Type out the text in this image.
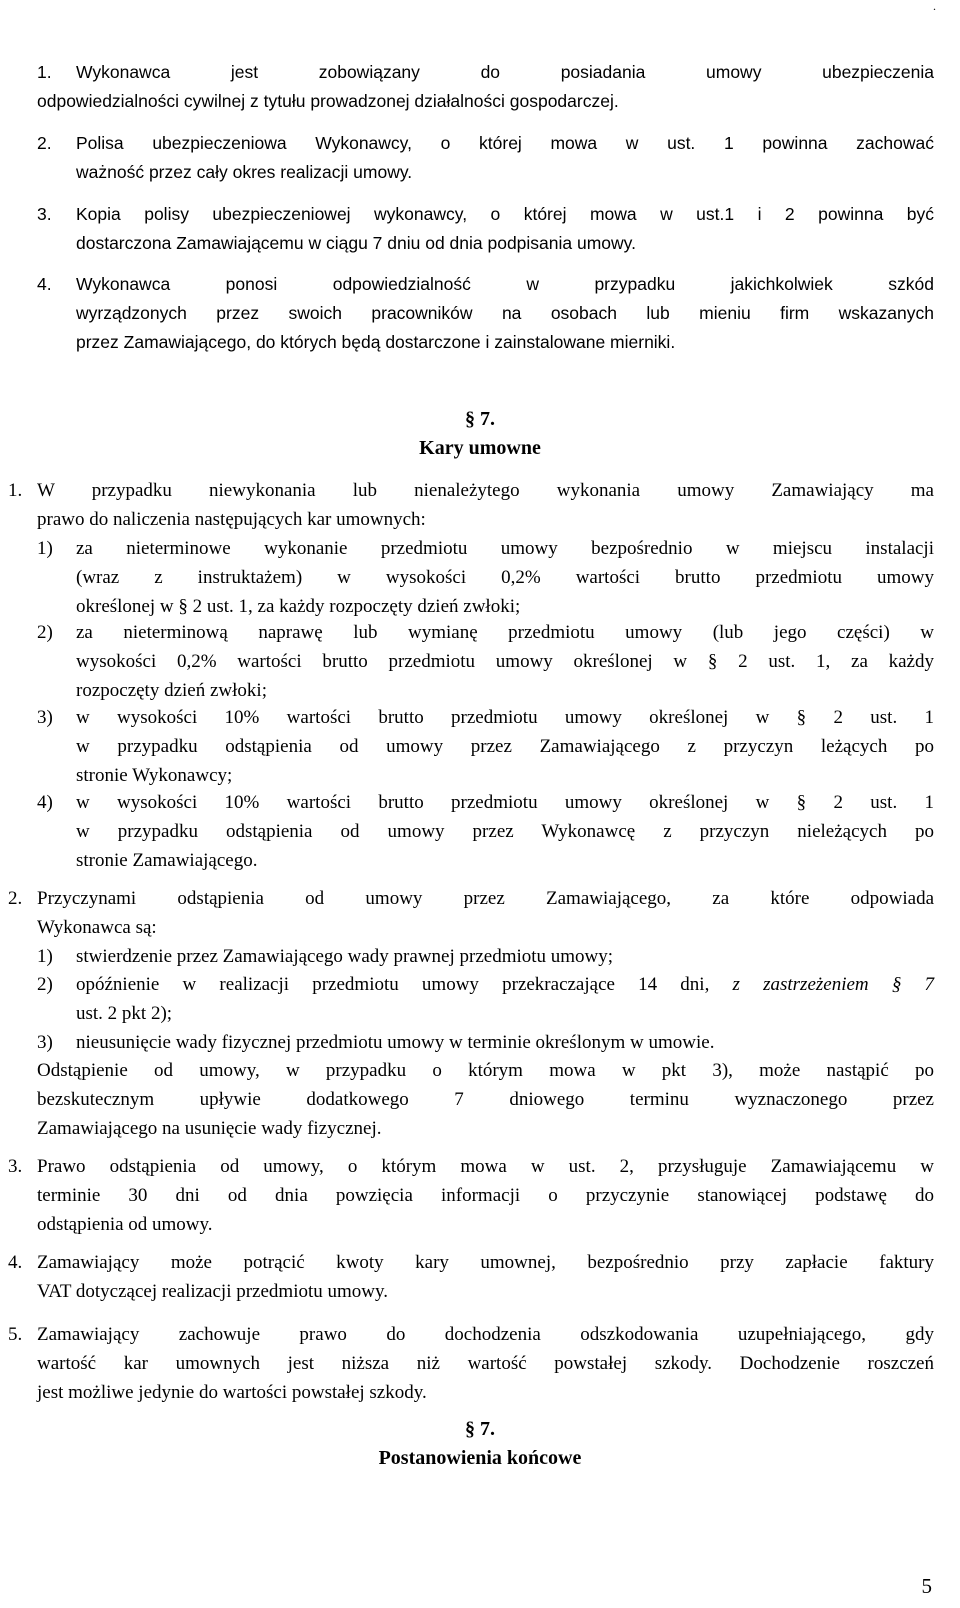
.
1. Wykonawca jest zobowiązany do posiadania umowy ubezpieczenia
odpowiedzialności cywilnej z tytułu prowadzonej działalności gospodarczej.
2. Polisa ubezpieczeniowa Wykonawcy, o której mowa w ust. 1 powinna zachować
ważność przez cały okres realizacji umowy.
3. Kopia polisy ubezpieczeniowej wykonawcy, o której mowa w ust.1 i 2 powinna być
dostarczona Zamawiającemu w ciągu 7 dniu od dnia podpisania umowy.
4. Wykonawca ponosi odpowiedzialność w przypadku jakichkolwiek szkód
wyrządzonych przez swoich pracowników na osobach lub mieniu firm wskazanych
przez Zamawiającego, do których będą dostarczone i zainstalowane mierniki.
§ 7.
Kary umowne
1. W przypadku niewykonania lub nienależytego wykonania umowy Zamawiający ma
prawo do naliczenia następujących kar umownych:
1) za nieterminowe wykonanie przedmiotu umowy bezpośrednio w miejscu instalacji
(wraz z instruktażem) w wysokości 0,2% wartości brutto przedmiotu umowy
określonej w § 2 ust. 1, za każdy rozpoczęty dzień zwłoki;
2) za nieterminową naprawę lub wymianę przedmiotu umowy (lub jego części) w
wysokości 0,2% wartości brutto przedmiotu umowy określonej w § 2 ust. 1, za każdy
rozpoczęty dzień zwłoki;
3) w wysokości 10% wartości brutto przedmiotu umowy określonej w § 2 ust. 1
w przypadku odstąpienia od umowy przez Zamawiającego z przyczyn leżących po
stronie Wykonawcy;
4) w wysokości 10% wartości brutto przedmiotu umowy określonej w § 2 ust. 1
w przypadku odstąpienia od umowy przez Wykonawcę z przyczyn nieleżących po
stronie Zamawiającego.
2. Przyczynami odstąpienia od umowy przez Zamawiającego, za które odpowiada
Wykonawca są:
1) stwierdzenie przez Zamawiającego wady prawnej przedmiotu umowy;
2) opóźnienie w realizacji przedmiotu umowy przekraczające 14 dni, z zastrzeżeniem § 7
ust. 2 pkt 2);
3) nieusunięcie wady fizycznej przedmiotu umowy w terminie określonym w umowie.
Odstąpienie od umowy, w przypadku o którym mowa w pkt 3), może nastąpić po
bezskutecznym upływie dodatkowego 7 dniowego terminu wyznaczonego przez
Zamawiającego na usunięcie wady fizycznej.
3. Prawo odstąpienia od umowy, o którym mowa w ust. 2, przysługuje Zamawiającemu w
terminie 30 dni od dnia powzięcia informacji o przyczynie stanowiącej podstawę do
odstąpienia od umowy.
4. Zamawiający może potrącić kwoty kary umownej, bezpośrednio przy zapłacie faktury
VAT dotyczącej realizacji przedmiotu umowy.
5. Zamawiający zachowuje prawo do dochodzenia odszkodowania uzupełniającego, gdy
wartość kar umownych jest niższa niż wartość powstałej szkody. Dochodzenie roszczeń
jest możliwe jedynie do wartości powstałej szkody.
§ 7.
Postanowienia końcowe
5
